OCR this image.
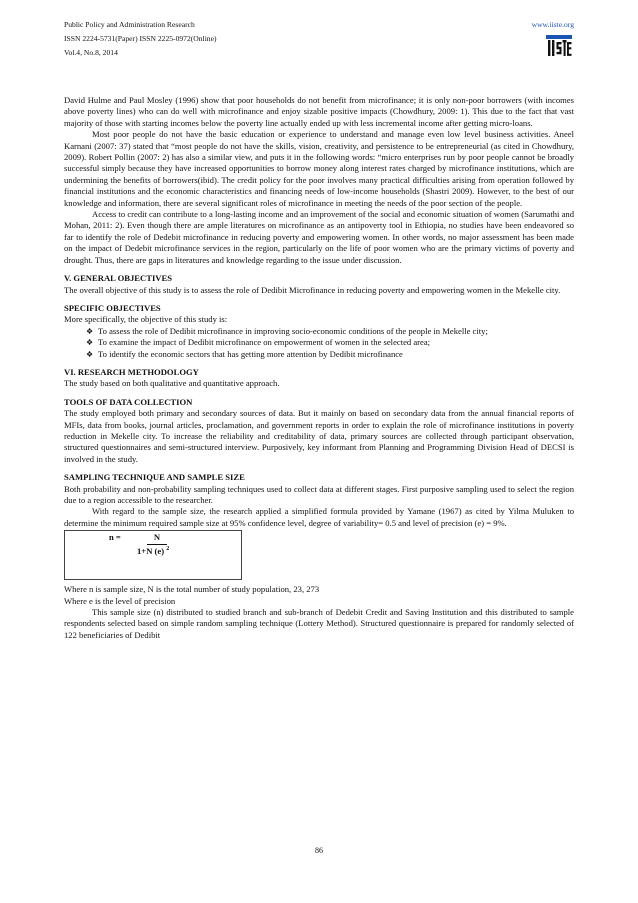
Public Policy and Administration Research
ISSN 2224-5731(Paper) ISSN 2225-0972(Online)
Vol.4, No.8, 2014
www.iiste.org

David Hulme and Paul Mosley (1996) show that poor households do not benefit from microfinance; it is only non-poor borrowers (with incomes above poverty lines) who can do well with microfinance and enjoy sizable positive impacts (Chowdhury, 2009: 1). This due to the fact that vast majority of those with starting incomes below the poverty line actually ended up with less incremental income after getting micro-loans.

Most poor people do not have the basic education or experience to understand and manage even low level business activities. Aneel Karnani (2007: 37) stated that “most people do not have the skills, vision, creativity, and persistence to be entrepreneurial (as cited in Chowdhury, 2009). Robert Pollin (2007: 2) has also a similar view, and puts it in the following words: “micro enterprises run by poor people cannot be broadly successful simply because they have increased opportunities to borrow money along interest rates charged by microfinance institutions, which are undermining the benefits of borrowers(ibid). The credit policy for the poor involves many practical difficulties arising from operation followed by financial institutions and the economic characteristics and financing needs of low-income households (Shastri 2009). However, to the best of our knowledge and information, there are several significant roles of microfinance in meeting the needs of the poor section of the people.

Access to credit can contribute to a long-lasting income and an improvement of the social and economic situation of women (Sarumathi and Mohan, 2011: 2). Even though there are ample literatures on microfinance as an antipoverty tool in Ethiopia, no studies have been endeavored so far to identify the role of Dedebit microfinance in reducing poverty and empowering women. In other words, no major assessment has been made on the impact of Dedebit microfinance services in the region, particularly on the life of poor women who are the primary victims of poverty and drought. Thus, there are gaps in literatures and knowledge regarding to the issue under discussion.

V. GENERAL OBJECTIVES

The overall objective of this study is to assess the role of Dedibit Microfinance in reducing poverty and empowering women in the Mekelle city.

SPECIFIC OBJECTIVES

More specifically, the objective of this study is:

❖ To assess the role of Dedibit microfinance in improving socio-economic conditions of the people in Mekelle city;
❖ To examine the impact of Dedibit microfinance on empowerment of women in the selected area;
❖ To identify the economic sectors that has getting more attention by Dedibit microfinance
VI. RESEARCH METHODOLOGY

The study based on both qualitative and quantitative approach.

TOOLS OF DATA COLLECTION

The study employed both primary and secondary sources of data. But it mainly on based on secondary data from the annual financial reports of MFIs, data from books, journal articles, proclamation, and government reports in order to explain the role of microfinance institutions in poverty reduction in Mekelle city. To increase the reliability and creditability of data, primary sources are collected through participant observation, structured questionnaires and semi-structured interview. Purposively, key informant from Planning and Programming Division Head of DECSI is involved in the study.

SAMPLING TECHNIQUE AND SAMPLE SIZE

Both probability and non-probability sampling techniques used to collect data at different stages. First purposive sampling used to select the region due to a region accessible to the researcher.

With regard to the sample size, the research applied a simplified formula provided by Yamane (1967) as cited by Yilma Muluken to determine the minimum required sample size at 95% confidence level, degree of variability= 0.5 and level of precision (e) = 9%.

n =	N
1+N (e) $^2$

Where n is sample size, N is the total number of study population, 23, 273

Where e is the level of precision

This sample size (n) distributed to studied branch and sub-branch of Dedebit Credit and Saving Institution and this distributed to sample respondents selected based on simple random sampling technique (Lottery Method). Structured questionnaire is prepared for randomly selected of 122 beneficiaries of Dedibit

86
